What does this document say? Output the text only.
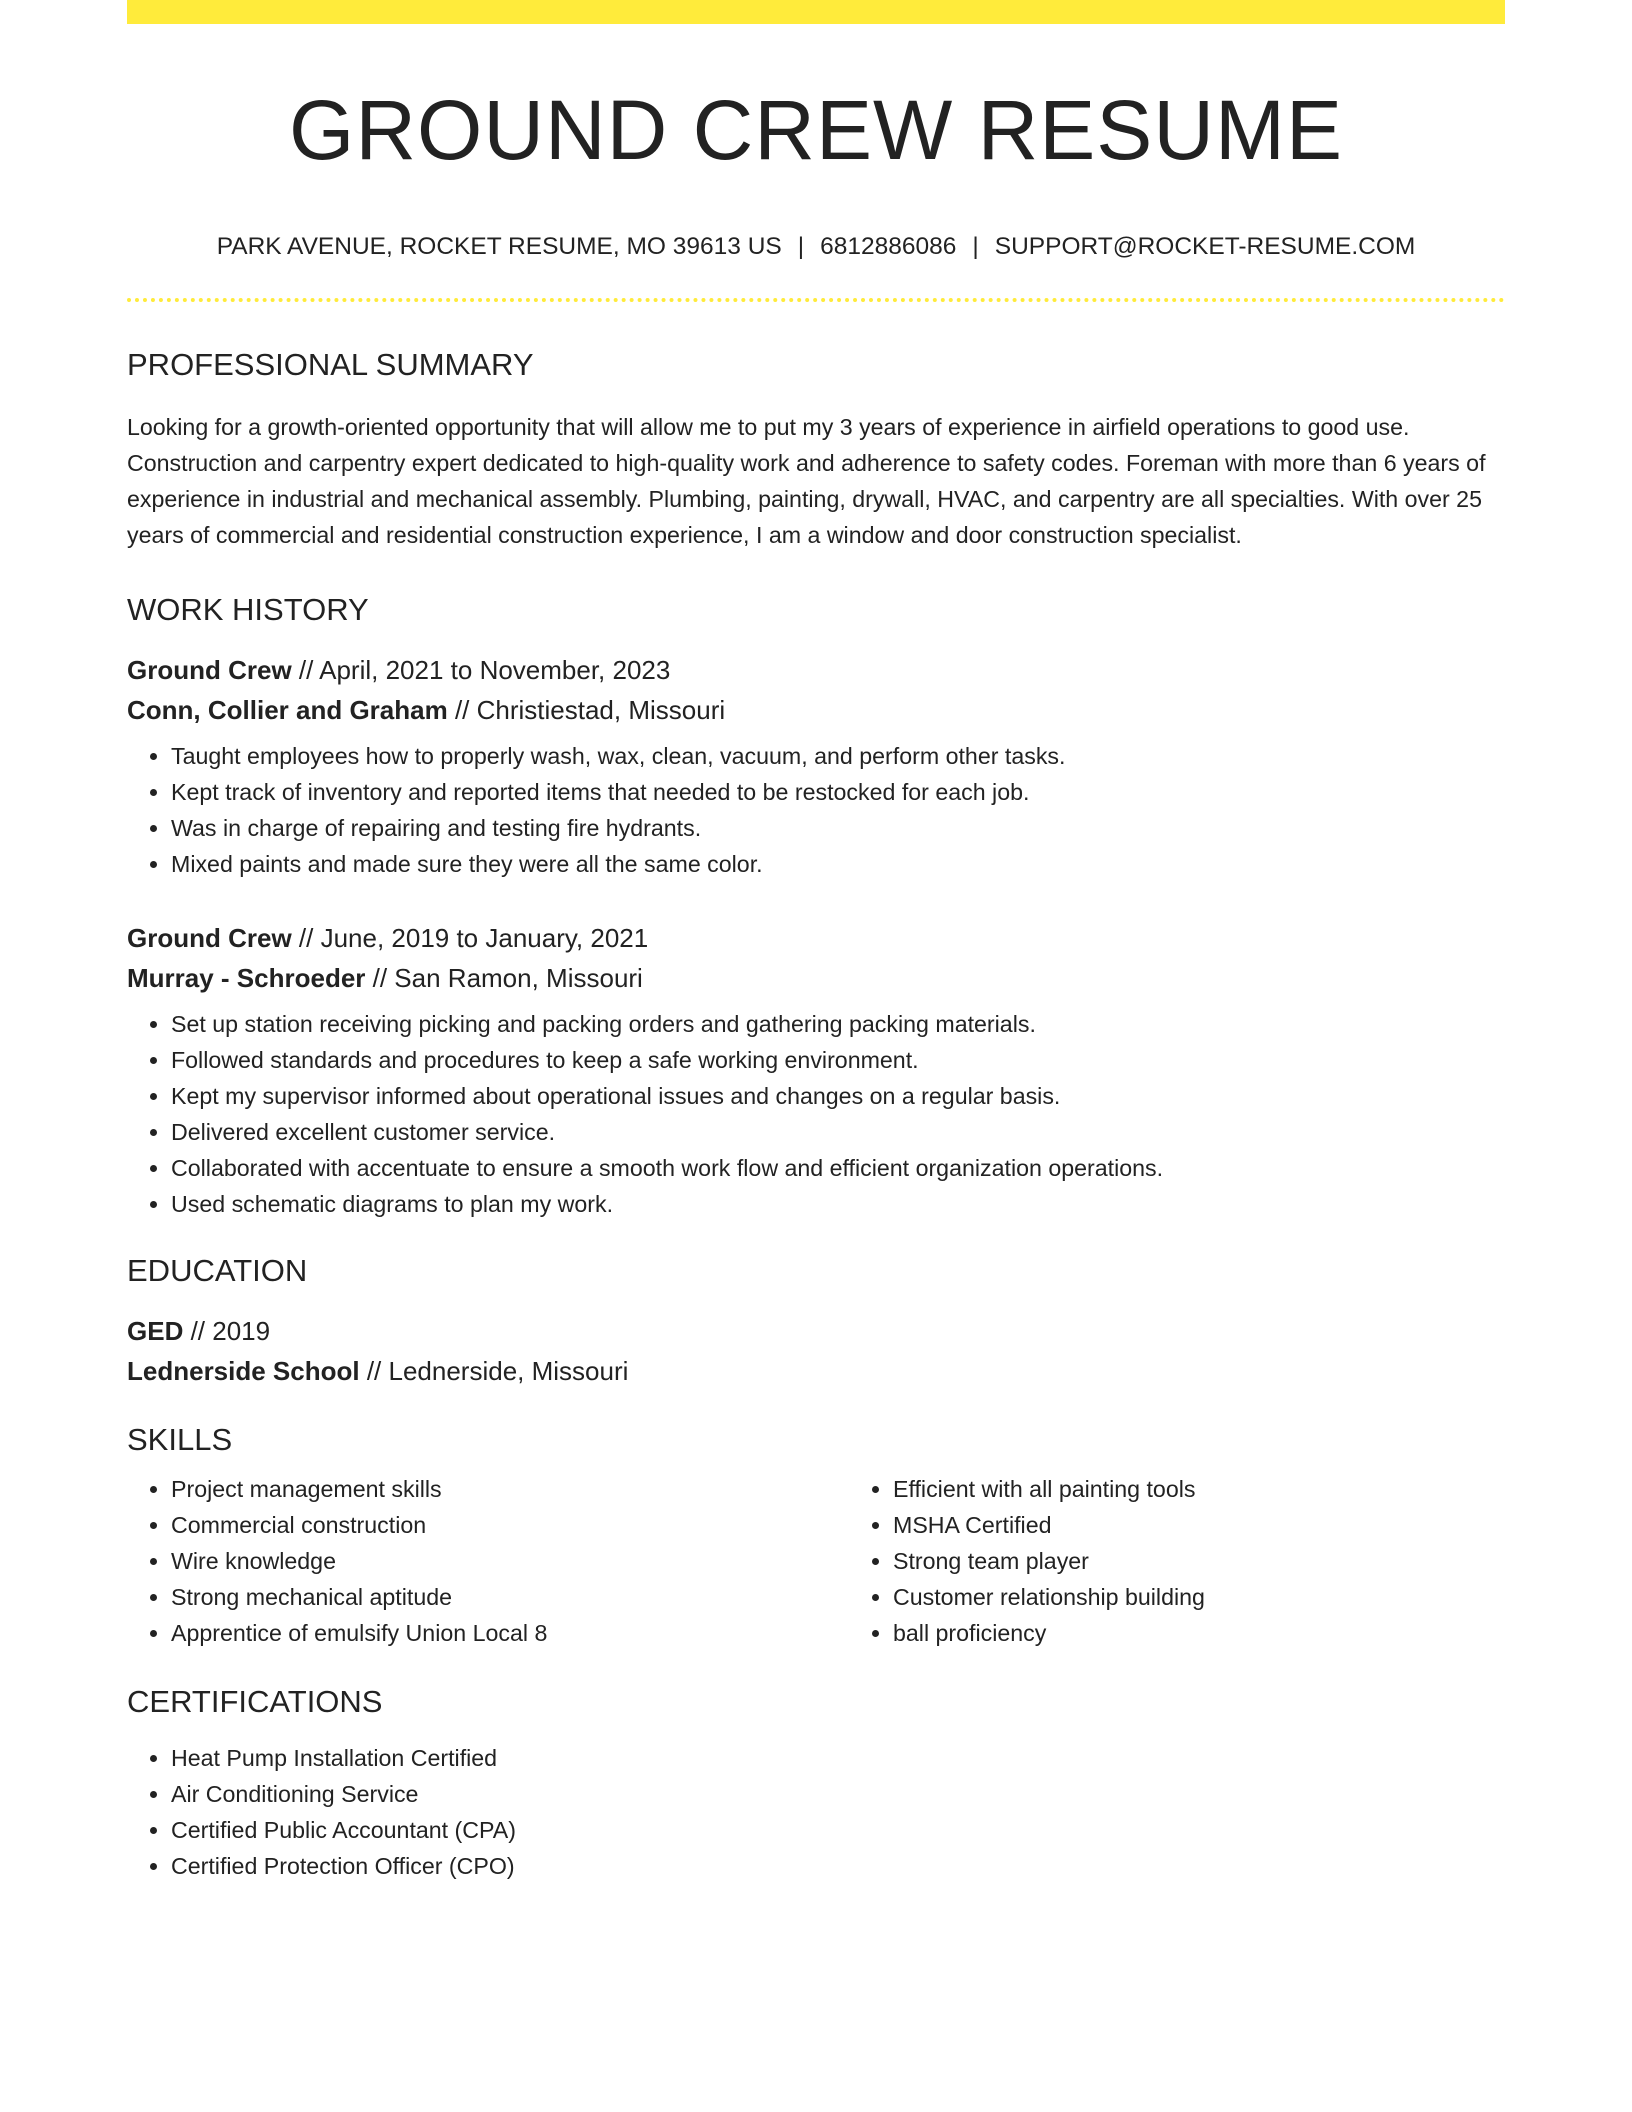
GROUND CREW RESUME
PARK AVENUE, ROCKET RESUME, MO 39613 US | 6812886086 | SUPPORT@ROCKET-RESUME.COM
PROFESSIONAL SUMMARY

Looking for a growth-oriented opportunity that will allow me to put my 3 years of experience in airfield operations to good use. Construction and carpentry expert dedicated to high-quality work and adherence to safety codes. Foreman with more than 6 years of experience in industrial and mechanical assembly. Plumbing, painting, drywall, HVAC, and carpentry are all specialties. With over 25 years of commercial and residential construction experience, I am a window and door construction specialist.

WORK HISTORY
Ground Crew // April, 2021 to November, 2023
Conn, Collier and Graham // Christiestad, Missouri
• Taught employees how to properly wash, wax, clean, vacuum, and perform other tasks.
• Kept track of inventory and reported items that needed to be restocked for each job.
• Was in charge of repairing and testing fire hydrants.
• Mixed paints and made sure they were all the same color.
Ground Crew // June, 2019 to January, 2021
Murray - Schroeder // San Ramon, Missouri
• Set up station receiving picking and packing orders and gathering packing materials.
• Followed standards and procedures to keep a safe working environment.
• Kept my supervisor informed about operational issues and changes on a regular basis.
• Delivered excellent customer service.
• Collaborated with accentuate to ensure a smooth work flow and efficient organization operations.
• Used schematic diagrams to plan my work.
EDUCATION
GED // 2019
Lednerside School // Lednerside, Missouri
SKILLS
• Project management skills
• Commercial construction
• Wire knowledge
• Strong mechanical aptitude
• Apprentice of emulsify Union Local 8
• Efficient with all painting tools
• MSHA Certified
• Strong team player
• Customer relationship building
• ball proficiency
CERTIFICATIONS
• Heat Pump Installation Certified
• Air Conditioning Service
• Certified Public Accountant (CPA)
• Certified Protection Officer (CPO)
